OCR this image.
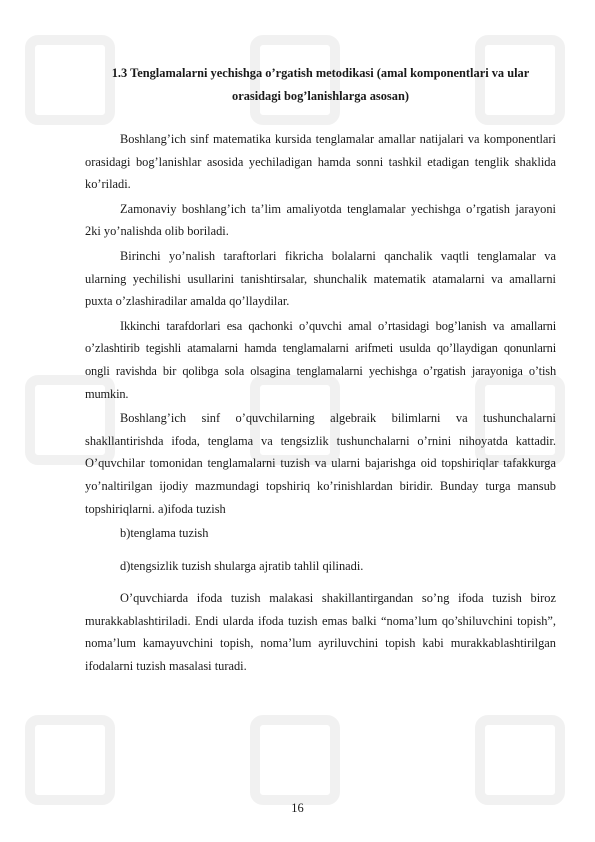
1.3 Tenglamalarni yechishga o’rgatish metodikasi (amal komponentlari va ular
orasidagi bog’lanishlarga asosan)

Boshlang’ich sinf matematika kursida tenglamalar amallar natijalari va komponentlari orasidagi bog’lanishlar asosida yechiladigan hamda sonni tashkil etadigan tenglik shaklida ko’riladi.

Zamonaviy boshlang’ich ta’lim amaliyotda tenglamalar yechishga o’rgatish jarayoni 2ki yo’nalishda olib boriladi.

Birinchi yo’nalish taraftorlari fikricha bolalarni qanchalik vaqtli tenglamalar va ularning yechilishi usullarini tanishtirsalar, shunchalik matematik atamalarni va amallarni puxta o’zlashiradilar amalda qo’llaydilar.

Ikkinchi tarafdorlari esa qachonki o’quvchi amal o’rtasidagi bog’lanish va amallarni o’zlashtirib tegishli atamalarni hamda tenglamalarni arifmeti usulda qo’llaydigan qonunlarni ongli ravishda bir qolibga sola olsagina tenglamalarni yechishga o’rgatish jarayoniga o’tish mumkin.

Boshlang’ich sinf o’quvchilarning algebraik bilimlarni va tushunchalarni shakllantirishda ifoda, tenglama va tengsizlik tushunchalarni o’rnini nihoyatda kattadir. O’quvchilar tomonidan tenglamalarni tuzish va ularni bajarishga oid topshiriqlar tafakkurga yo’naltirilgan ijodiy mazmundagi topshiriq ko’rinishlardan biridir. Bunday turga mansub topshiriqlarni. a)ifoda tuzish

b)tenglama tuzish

d)tengsizlik tuzish shularga ajratib tahlil qilinadi.

O’quvchiarda ifoda tuzish malakasi shakillantirgandan so’ng ifoda tuzish biroz murakkablashtiriladi. Endi ularda ifoda tuzish emas balki “noma’lum qo’shiluvchini topish”, noma’lum kamayuvchini topish, noma’lum ayriluvchini topish kabi murakkablashtirilgan ifodalarni tuzish masalasi turadi.

16
